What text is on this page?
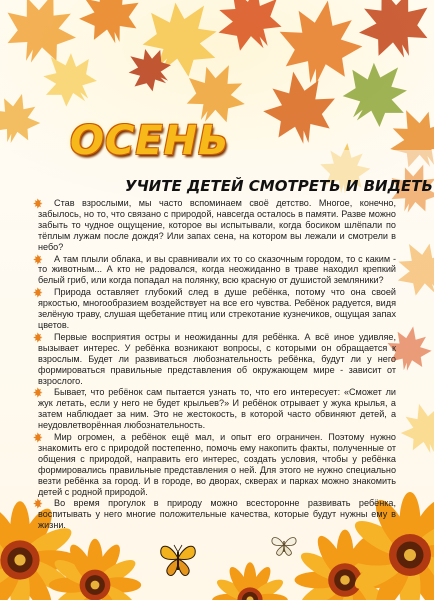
ОСЕНЬ
УЧИТЕ ДЕТЕЙ СМОТРЕТЬ И ВИДЕТЬ

Став взрослыми, мы часто вспоминаем своё детство. Многое, конечно, забылось, но то, что связано с природой, навсегда осталось в памяти. Разве можно забыть то чудное ощущение, которое вы испытывали, когда босиком шлёпали по тёплым лужам после дождя? Или запах сена, на котором вы лежали и смотрели в небо?

А там плыли облака, и вы сравнивали их то со сказочным городом, то с каким - то животным... А кто не радовался, когда неожиданно в траве находил крепкий белый гриб, или когда попадал на полянку, всю красную от душистой земляники?

Природа оставляет глубокий след в душе ребёнка, потому что она своей яркостью, многообразием воздействует на все его чувства. Ребёнок радуется, видя зелёную траву, слушая щебетание птиц или стрекотание кузнечиков, ощущая запах цветов.

Первые восприятия остры и неожиданны для ребёнка. А всё иное удивляе, вызывает интерес. У ребёнка возникают вопросы, с которыми он обращается к взрослым. Будет ли развиваться любознательность ребёнка, будут ли у него формироваться правильные представления об окружающем мире - зависит от взрослого.

Бывает, что ребёнок сам пытается узнать то, что его интересует: «Сможет ли жук летать, если у него не будет крыльев?» И ребёнок отрывает у жука крылья, а затем наблюдает за ним. Это не жестокость, в которой часто обвиняют детей, а неудовлетворённая любознательность.

Мир огромен, а ребёнок ещё мал, и опыт его ограничен. Поэтому нужно знакомить его с природой постепенно, помочь ему накопить факты, полученные от общения с природой, направить его интерес, создать условия, чтобы у ребёнка формировались правильные представления о ней. Для этого не нужно специально везти ребёнка за город. И в городе, во дворах, скверах и парках можно знакомить детей с родной природой.

Во время прогулок в природу можно всесторонне развивать ребёнка, воспитывать у него многие положительные качества, которые будут нужны ему в жизни.
